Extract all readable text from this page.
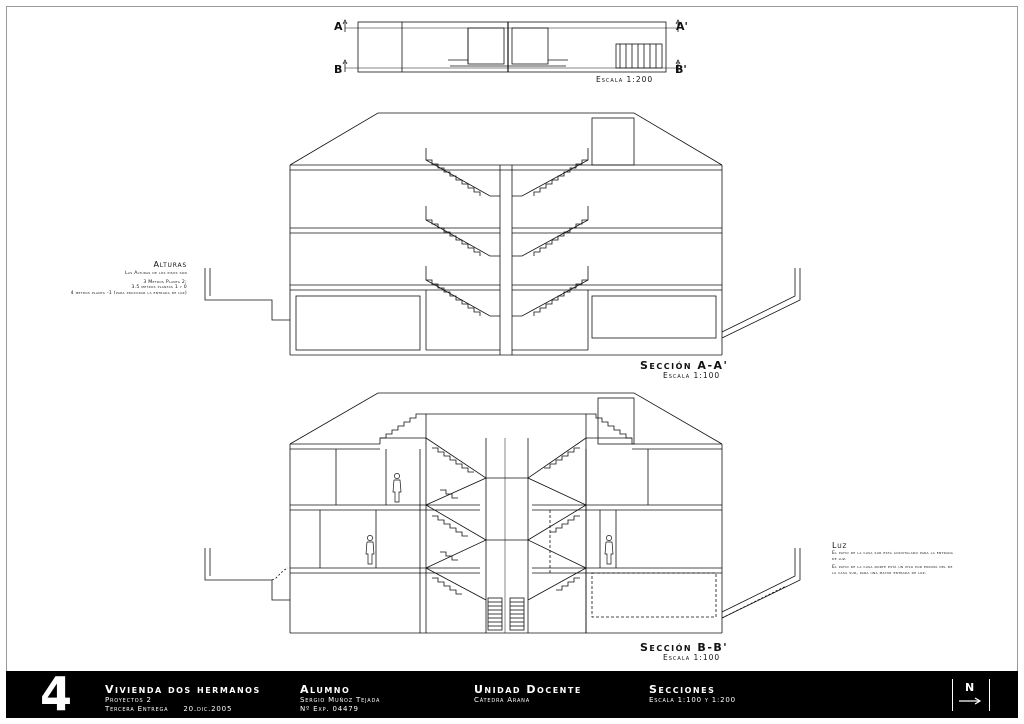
A	A'
B	B'
Escala 1:200
Sección A-A'
Escala 1:100
Sección B-B'
Escala 1:100
Alturas
Las Alturas de los pisos son
3 Metros Planta 2;
3.5 metros plantas 1 y 0
4 metros planta -1 (para procurar la entrada de luz)
Luz
El patio de la casa sur está acristalado para la entrada
de luz.
El patio de la casa norte está un piso por encima del de
la casa sur, para una mayor entrada de luz.
4	Vivienda dos hermanos
Proyectos 2
Tercera Entrega 20.dic.2005
Alumno
Sergio Muñoz Tejada
Nº Exp. 04479
Unidad Docente
Cátedra Arana
Secciones
Escala 1:100 y 1:200
N
